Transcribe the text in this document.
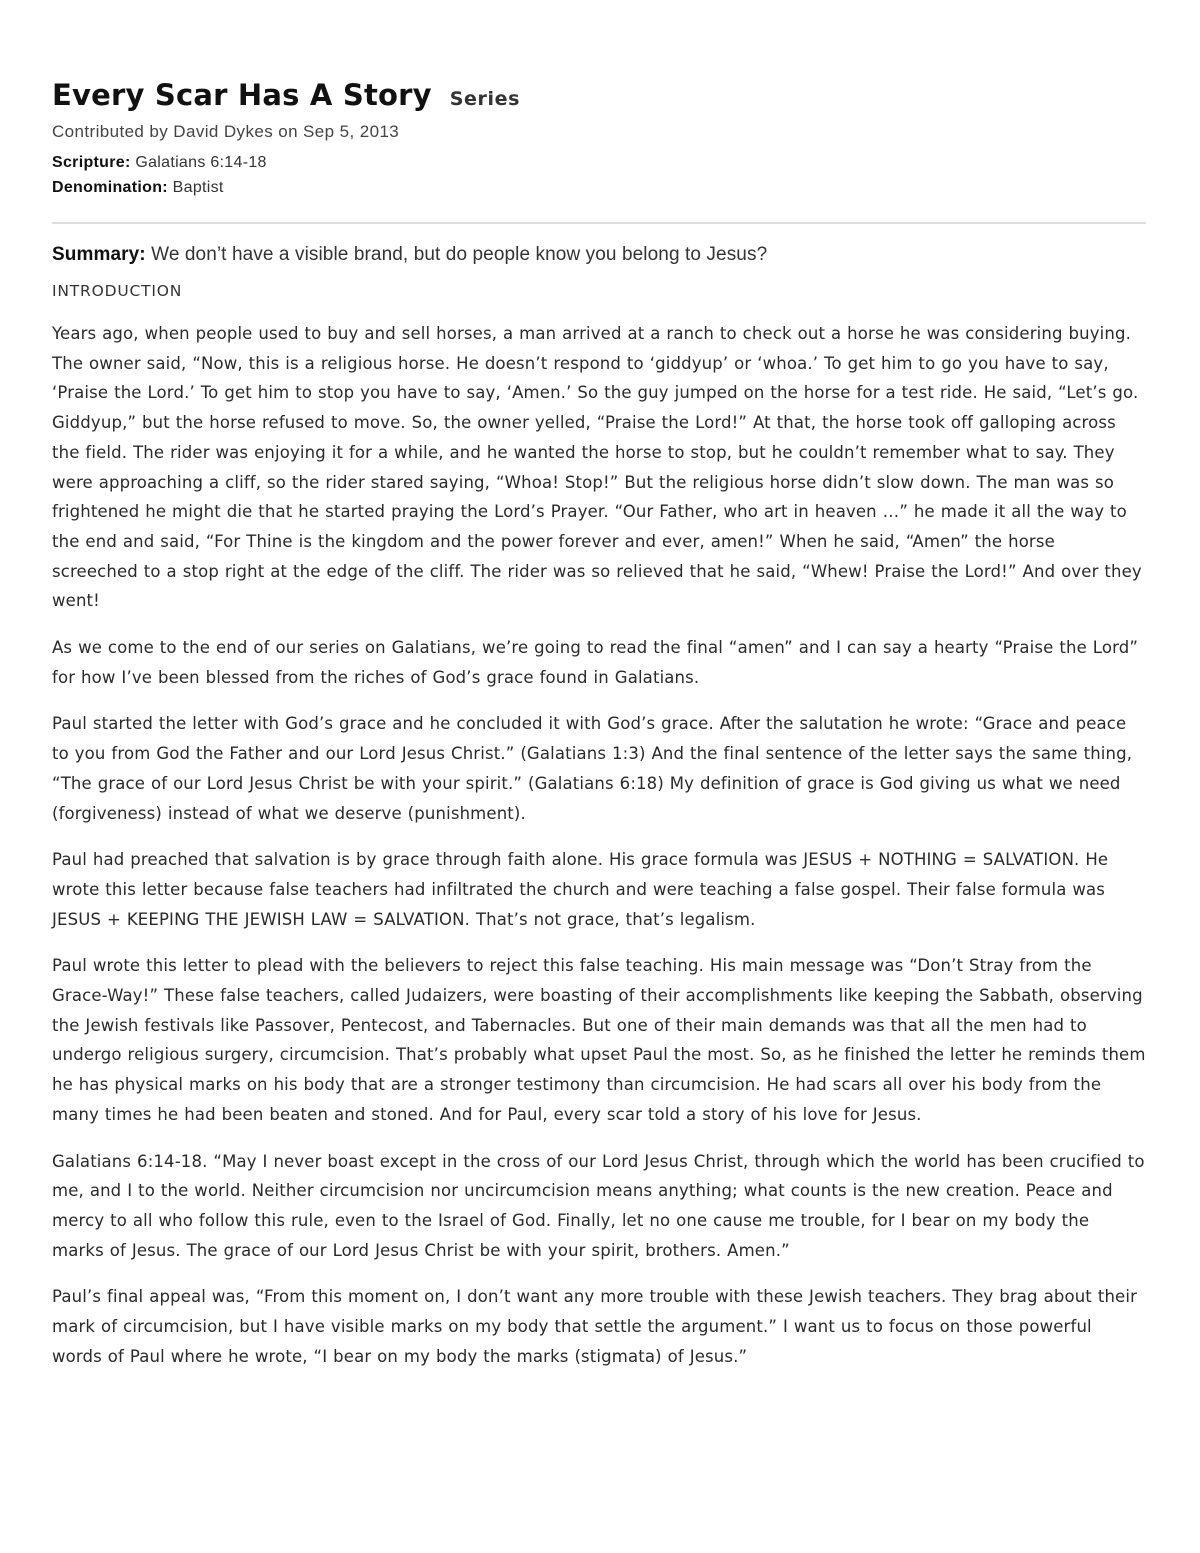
Every Scar Has A Story Series
Contributed by David Dykes on Sep 5, 2013
Scripture: Galatians 6:14-18
Denomination: Baptist
Summary: We don’t have a visible brand, but do people know you belong to Jesus?
INTRODUCTION

Years ago, when people used to buy and sell horses, a man arrived at a ranch to check out a horse he was considering buying. The owner said, “Now, this is a religious horse. He doesn’t respond to ‘giddyup’ or ‘whoa.’ To get him to go you have to say, ‘Praise the Lord.’ To get him to stop you have to say, ‘Amen.’ So the guy jumped on the horse for a test ride. He said, “Let’s go. Giddyup,” but the horse refused to move. So, the owner yelled, “Praise the Lord!” At that, the horse took off galloping across the field. The rider was enjoying it for a while, and he wanted the horse to stop, but he couldn’t remember what to say. They were approaching a cliff, so the rider stared saying, “Whoa! Stop!” But the religious horse didn’t slow down. The man was so frightened he might die that he started praying the Lord’s Prayer. “Our Father, who art in heaven …” he made it all the way to the end and said, “For Thine is the kingdom and the power forever and ever, amen!” When he said, “Amen” the horse screeched to a stop right at the edge of the cliff. The rider was so relieved that he said, “Whew! Praise the Lord!” And over they went!

As we come to the end of our series on Galatians, we’re going to read the final “amen” and I can say a hearty “Praise the Lord” for how I’ve been blessed from the riches of God’s grace found in Galatians.

Paul started the letter with God’s grace and he concluded it with God’s grace. After the salutation he wrote: “Grace and peace to you from God the Father and our Lord Jesus Christ.” (Galatians 1:3) And the final sentence of the letter says the same thing, “The grace of our Lord Jesus Christ be with your spirit.” (Galatians 6:18) My definition of grace is God giving us what we need (forgiveness) instead of what we deserve (punishment).

Paul had preached that salvation is by grace through faith alone. His grace formula was JESUS + NOTHING = SALVATION. He wrote this letter because false teachers had infiltrated the church and were teaching a false gospel. Their false formula was JESUS + KEEPING THE JEWISH LAW = SALVATION. That’s not grace, that’s legalism.

Paul wrote this letter to plead with the believers to reject this false teaching. His main message was “Don’t Stray from the Grace-Way!” These false teachers, called Judaizers, were boasting of their accomplishments like keeping the Sabbath, observing the Jewish festivals like Passover, Pentecost, and Tabernacles. But one of their main demands was that all the men had to undergo religious surgery, circumcision. That’s probably what upset Paul the most. So, as he finished the letter he reminds them he has physical marks on his body that are a stronger testimony than circumcision. He had scars all over his body from the many times he had been beaten and stoned. And for Paul, every scar told a story of his love for Jesus.

Galatians 6:14-18. “May I never boast except in the cross of our Lord Jesus Christ, through which the world has been crucified to me, and I to the world. Neither circumcision nor uncircumcision means anything; what counts is the new creation. Peace and mercy to all who follow this rule, even to the Israel of God. Finally, let no one cause me trouble, for I bear on my body the marks of Jesus. The grace of our Lord Jesus Christ be with your spirit, brothers. Amen.”

Paul’s final appeal was, “From this moment on, I don’t want any more trouble with these Jewish teachers. They brag about their mark of circumcision, but I have visible marks on my body that settle the argument.” I want us to focus on those powerful words of Paul where he wrote, “I bear on my body the marks (stigmata) of Jesus.”
